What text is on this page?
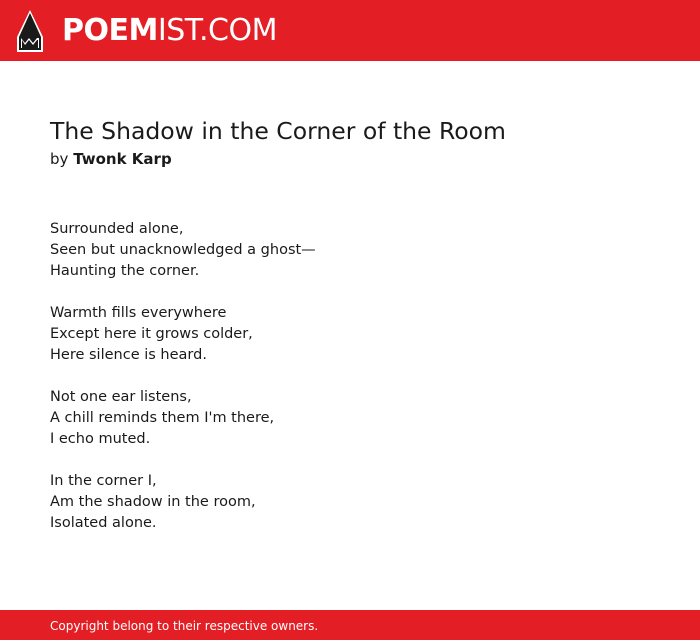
POEMIST.COM
The Shadow in the Corner of the Room
by Twonk Karp
Surrounded alone,
Seen but unacknowledged a ghost—
Haunting the corner.
Warmth fills everywhere
Except here it grows colder,
Here silence is heard.
Not one ear listens,
A chill reminds them I'm there,
I echo muted.
In the corner I,
Am the shadow in the room,
Isolated alone.
Copyright belong to their respective owners.
